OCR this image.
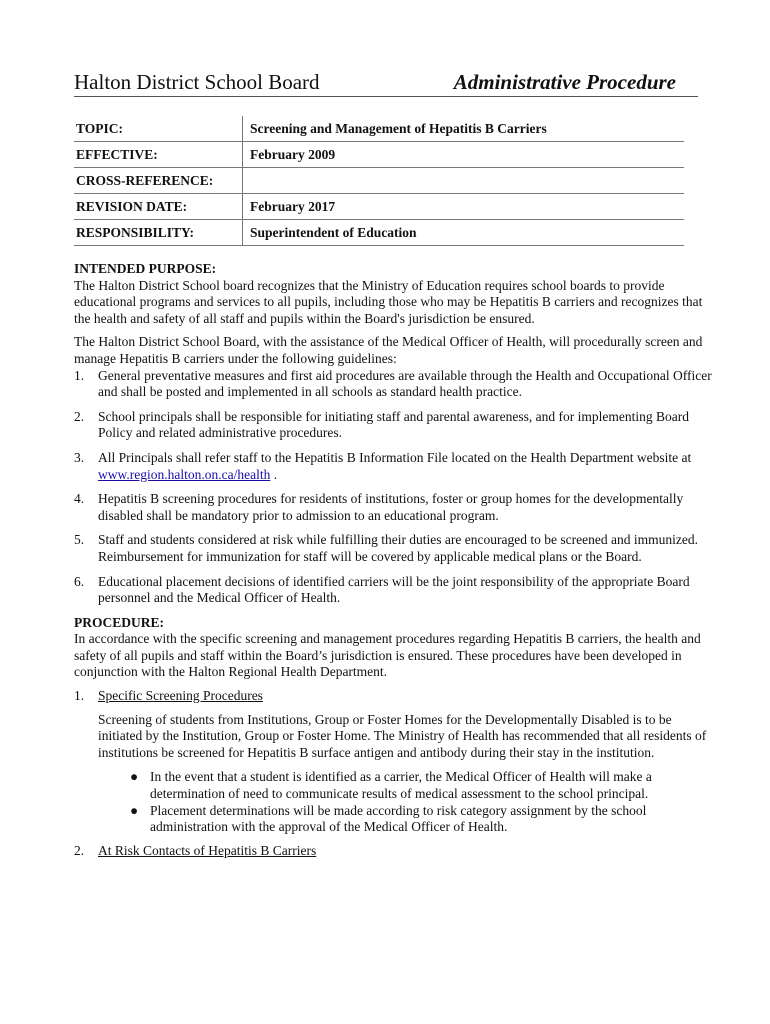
Halton District School Board	Administrative Procedure
TOPIC:	Screening and Management of Hepatitis B Carriers
EFFECTIVE:	February 2009
CROSS-REFERENCE:
REVISION DATE:	February 2017
RESPONSIBILITY:	Superintendent of Education

INTENDED PURPOSE:

The Halton District School board recognizes that the Ministry of Education requires school boards to provide educational programs and services to all pupils, including those who may be Hepatitis B carriers and recognizes that the health and safety of all staff and pupils within the Board's jurisdiction be ensured.

The Halton District School Board, with the assistance of the Medical Officer of Health, will procedurally screen and manage Hepatitis B carriers under the following guidelines:

1. General preventative measures and first aid procedures are available through the Health and Occupational Officer and shall be posted and implemented in all schools as standard health practice.
2. School principals shall be responsible for initiating staff and parental awareness, and for implementing Board Policy and related administrative procedures.
3. All Principals shall refer staff to the Hepatitis B Information File located on the Health Department website at www.region.halton.on.ca/health .
4. Hepatitis B screening procedures for residents of institutions, foster or group homes for the developmentally disabled shall be mandatory prior to admission to an educational program.
5. Staff and students considered at risk while fulfilling their duties are encouraged to be screened and immunized. Reimbursement for immunization for staff will be covered by applicable medical plans or the Board.
6. Educational placement decisions of identified carriers will be the joint responsibility of the appropriate Board personnel and the Medical Officer of Health.

PROCEDURE:

In accordance with the specific screening and management procedures regarding Hepatitis B carriers, the health and safety of all pupils and staff within the Board’s jurisdiction is ensured. These procedures have been developed in conjunction with the Halton Regional Health Department.

1. Specific Screening Procedures

Screening of students from Institutions, Group or Foster Homes for the Developmentally Disabled is to be initiated by the Institution, Group or Foster Home. The Ministry of Health has recommended that all residents of institutions be screened for Hepatitis B surface antigen and antibody during their stay in the institution.

● In the event that a student is identified as a carrier, the Medical Officer of Health will make a determination of need to communicate results of medical assessment to the school principal.
● Placement determinations will be made according to risk category assignment by the school administration with the approval of the Medical Officer of Health.
2. At Risk Contacts of Hepatitis B Carriers
